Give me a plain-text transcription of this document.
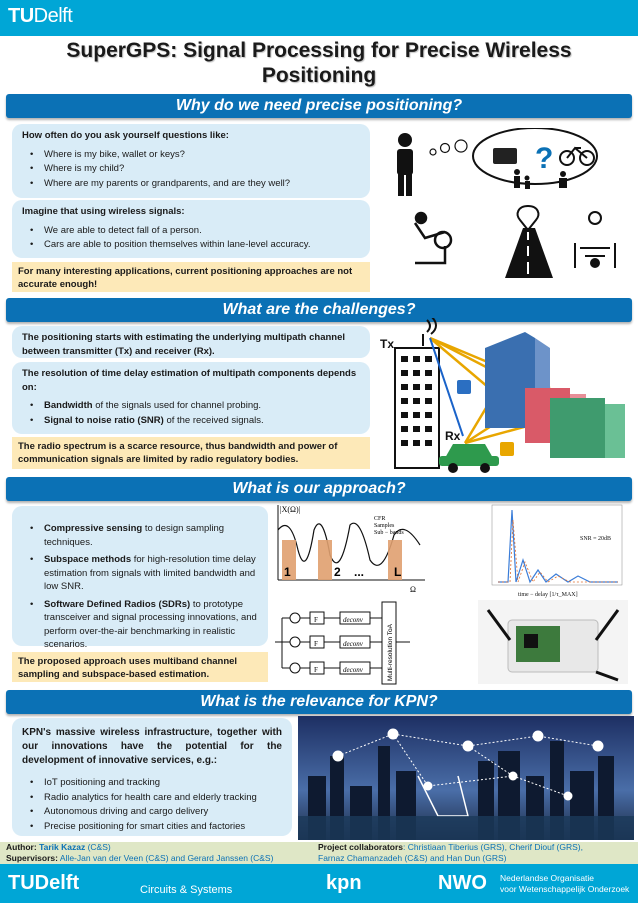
TUDelft
SuperGPS: Signal Processing for Precise Wireless
Positioning
Why do we need precise positioning?
How often do you ask yourself questions like:
• Where is my bike, wallet or keys?
• Where is my child?
• Where are my parents or grandparents, and are they well?
Imagine that using wireless signals:
• We are able to detect fall of a person.
• Cars are able to position themselves within lane-level accuracy.
For many interesting applications, current positioning approaches are not accurate enough!
?
What are the challenges?
The positioning starts with estimating the underlying multipath channel between transmitter (Tx) and receiver (Rx).
The resolution of time delay estimation of multipath components depends on:
• Bandwidth of the signals used for channel probing.
• Signal to noise ratio (SNR) of the received signals.
The radio spectrum is a scarce resource, thus bandwidth and power of communication signals are limited by radio regulatory bodies.
Tx
Rx
What is our approach?
• Compressive sensing to design sampling techniques.
• Subspace methods for high-resolution time delay estimation from signals with limited bandwidth and low SNR.
• Software Defined Radios (SDRs) to prototype transceiver and signal processing innovations, and perform over-the-air benchmarking in realistic scenarios.
The proposed approach uses multiband channel sampling and subspace-based estimation.
1	2 ... L
Ω
|X(Ω)|
CFR
Samples
Sub − bands
SNR = 20dB
time − delay [1/τ_MAX]
F
F
F
deconv
deconv
deconv	Multi-resolution ToA
What is the relevance for KPN?
KPN's massive wireless infrastructure, together with our innovations have the potential for the development of innovative services, e.g.:
• IoT positioning and tracking
• Radio analytics for health care and elderly tracking
• Autonomous driving and cargo delivery
• Precise positioning for smart cities and factories
Author: Tarik Kazaz (C&S)
Supervisors: Alle-Jan van der Veen (C&S) and Gerard Janssen (C&S)
Project collaborators: Christiaan Tiberius (GRS), Cherif Diouf (GRS),
Farnaz Chamanzadeh (C&S) and Han Dun (GRS)
TUDelft	Circuits & Systems	kpn	NWO Nederlandse Organisatie
voor Wetenschappelijk Onderzoek
